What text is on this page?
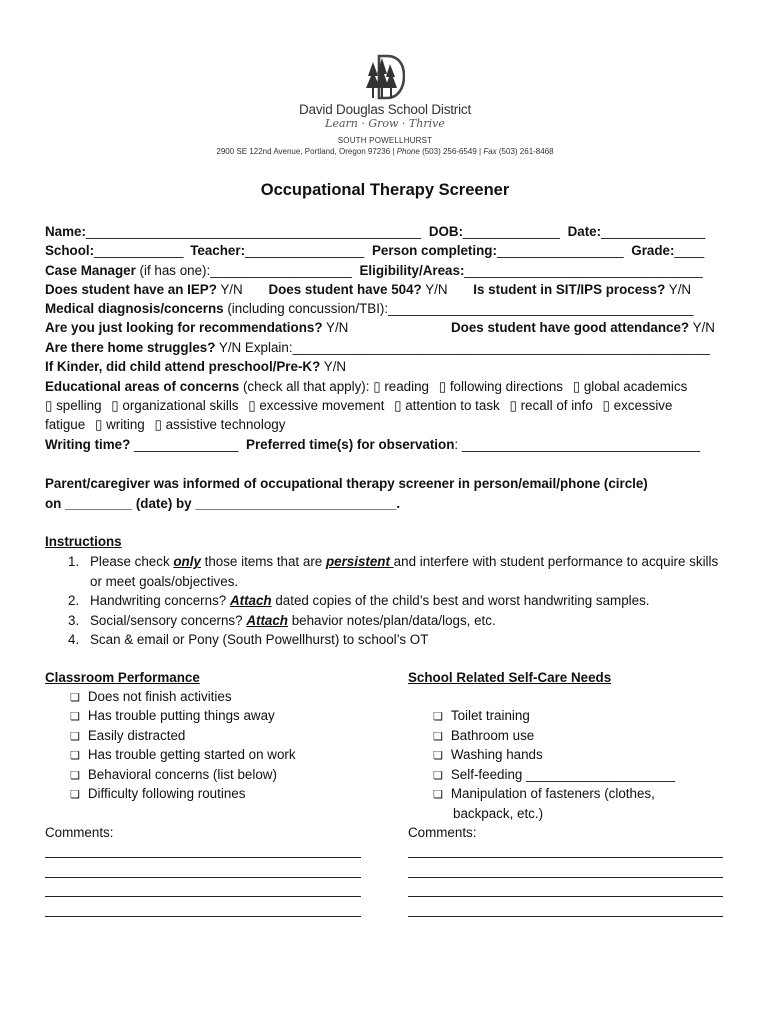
David Douglas School District
Learn · Grow · Thrive
SOUTH POWELLHURST
2900 SE 122nd Avenue, Portland, Oregon 97236 | Phone (503) 256-6549 | Fax (503) 261-8468
Occupational Therapy Screener
Name:_____________________________________________ DOB:_____________ Date:______________
School:____________ Teacher:________________ Person completing:_________________ Grade:____
Case Manager (if has one):___________________ Eligibility/Areas:________________________________
Does student have an IEP? Y/N Does student have 504? Y/N Is student in SIT/IPS process? Y/N
Medical diagnosis/concerns (including concussion/TBI):_________________________________________
Are you just looking for recommendations? Y/N	Does student have good attendance? Y/N
Are there home struggles? Y/N Explain:________________________________________________________
If Kinder, did child attend preschool/Pre-K? Y/N
Educational areas of concerns (check all that apply): ▯ reading ▯ following directions ▯ global academics
▯ spelling ▯ organizational skills ▯ excessive movement ▯ attention to task ▯ recall of info ▯ excessive
fatigue ▯ writing ▯ assistive technology
Writing time? ______________ Preferred time(s) for observation: ________________________________
Parent/caregiver was informed of occupational therapy screener in person/email/phone (circle)
on _________ (date) by ___________________________.
Instructions
1. Please check only those items that are persistent and interfere with student performance to acquire skills or meet goals/objectives.
2. Handwriting concerns? Attach dated copies of the child’s best and worst handwriting samples.
3. Social/sensory concerns? Attach behavior notes/plan/data/logs, etc.
4. Scan & email or Pony (South Powellhurst) to school’s OT
Classroom Performance
❏ Does not finish activities
❏ Has trouble putting things away
❏ Easily distracted
❏ Has trouble getting started on work
❏ Behavioral concerns (list below)
❏ Difficulty following routines
Comments:
School Related Self-Care Needs
❏ Toilet training
❏ Bathroom use
❏ Washing hands
❏ Self-feeding ____________________
❏ Manipulation of fasteners (clothes,
backpack, etc.)
Comments:
